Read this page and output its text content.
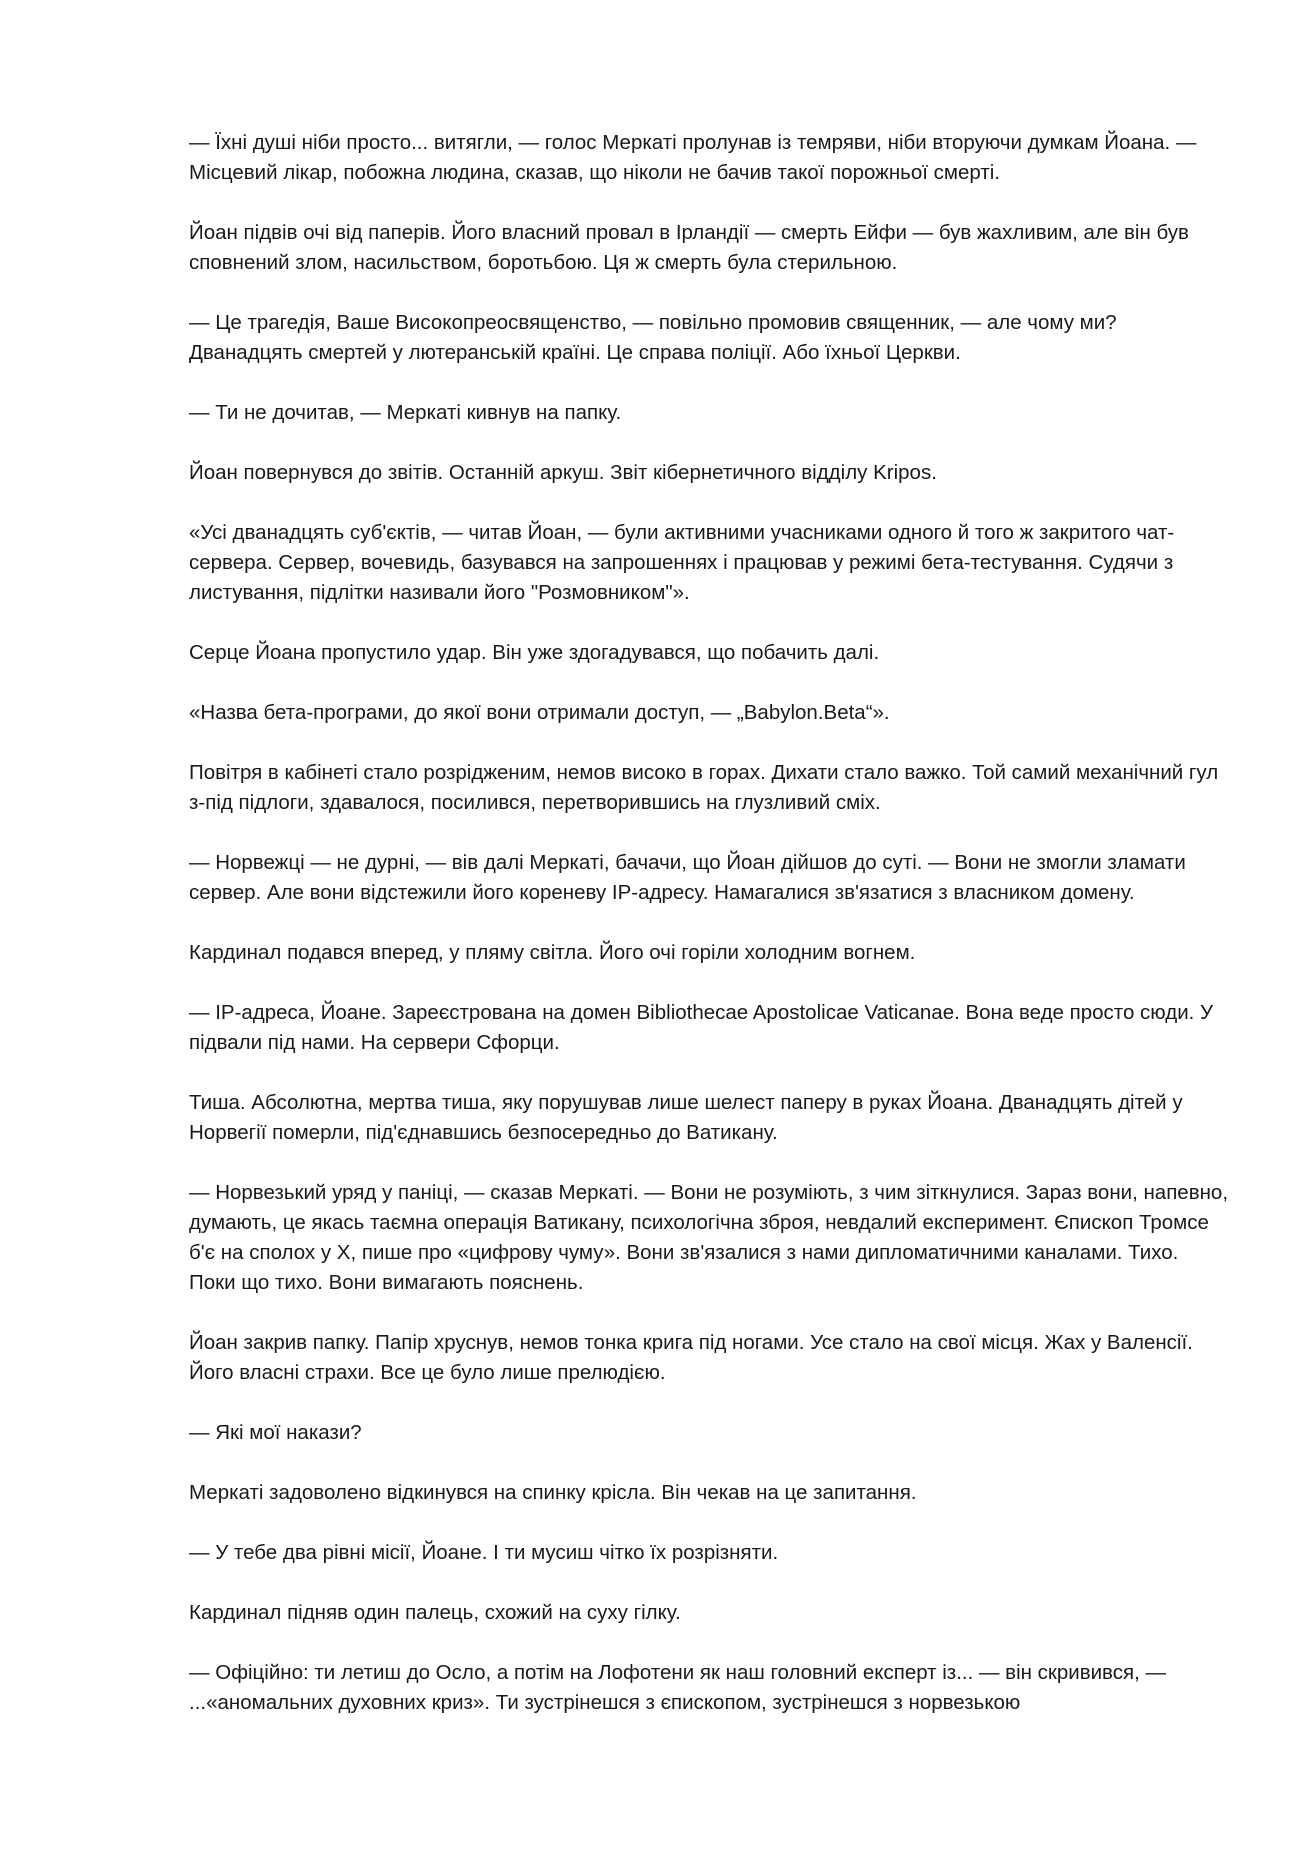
— Їхні душі ніби просто... витягли, — голос Меркаті пролунав із темряви, ніби вторуючи думкам Йоана. — Місцевий лікар, побожна людина, сказав, що ніколи не бачив такої порожньої смерті.

Йоан підвів очі від паперів. Його власний провал в Ірландії — смерть Ейфи — був жахливим, але він був сповнений злом, насильством, боротьбою. Ця ж смерть була стерильною.

— Це трагедія, Ваше Високопреосвященство, — повільно промовив священник, — але чому ми? Дванадцять смертей у лютеранській країні. Це справа поліції. Або їхньої Церкви.

— Ти не дочитав, — Меркаті кивнув на папку.

Йоан повернувся до звітів. Останній аркуш. Звіт кібернетичного відділу Kripos.

«Усі дванадцять суб'єктів, — читав Йоан, — були активними учасниками одного й того ж закритого чат-сервера. Сервер, вочевидь, базувався на запрошеннях і працював у режимі бета-тестування. Судячи з листування, підлітки називали його "Розмовником"».

Серце Йоана пропустило удар. Він уже здогадувався, що побачить далі.

«Назва бета-програми, до якої вони отримали доступ, — „Babylon.Beta“».

Повітря в кабінеті стало розрідженим, немов високо в горах. Дихати стало важко. Той самий механічний гул з-під підлоги, здавалося, посилився, перетворившись на глузливий сміх.

— Норвежці — не дурні, — вів далі Меркаті, бачачи, що Йоан дійшов до суті. — Вони не змогли зламати сервер. Але вони відстежили його кореневу IP-адресу. Намагалися зв'язатися з власником домену.

Кардинал подався вперед, у пляму світла. Його очі горіли холодним вогнем.

— IP-адреса, Йоане. Зареєстрована на домен Bibliothecae Apostolicae Vaticanae. Вона веде просто сюди. У підвали під нами. На сервери Сфорци.

Тиша. Абсолютна, мертва тиша, яку порушував лише шелест паперу в руках Йоана. Дванадцять дітей у Норвегії померли, під'єднавшись безпосередньо до Ватикану.

— Норвезький уряд у паніці, — сказав Меркаті. — Вони не розуміють, з чим зіткнулися. Зараз вони, напевно, думають, це якась таємна операція Ватикану, психологічна зброя, невдалий експеримент. Єпископ Тромсе б'є на сполох у X, пише про «цифрову чуму». Вони зв'язалися з нами дипломатичними каналами. Тихо. Поки що тихо. Вони вимагають пояснень.

Йоан закрив папку. Папір хруснув, немов тонка крига під ногами. Усе стало на свої місця. Жах у Валенсії. Його власні страхи. Все це було лише прелюдією.

— Які мої накази?

Меркаті задоволено відкинувся на спинку крісла. Він чекав на це запитання.

— У тебе два рівні місії, Йоане. І ти мусиш чітко їх розрізняти.

Кардинал підняв один палець, схожий на суху гілку.

— Офіційно: ти летиш до Осло, а потім на Лофотени як наш головний експерт із... — він скривився, — ...«аномальних духовних криз». Ти зустрінешся з єпископом, зустрінешся з норвезькою
